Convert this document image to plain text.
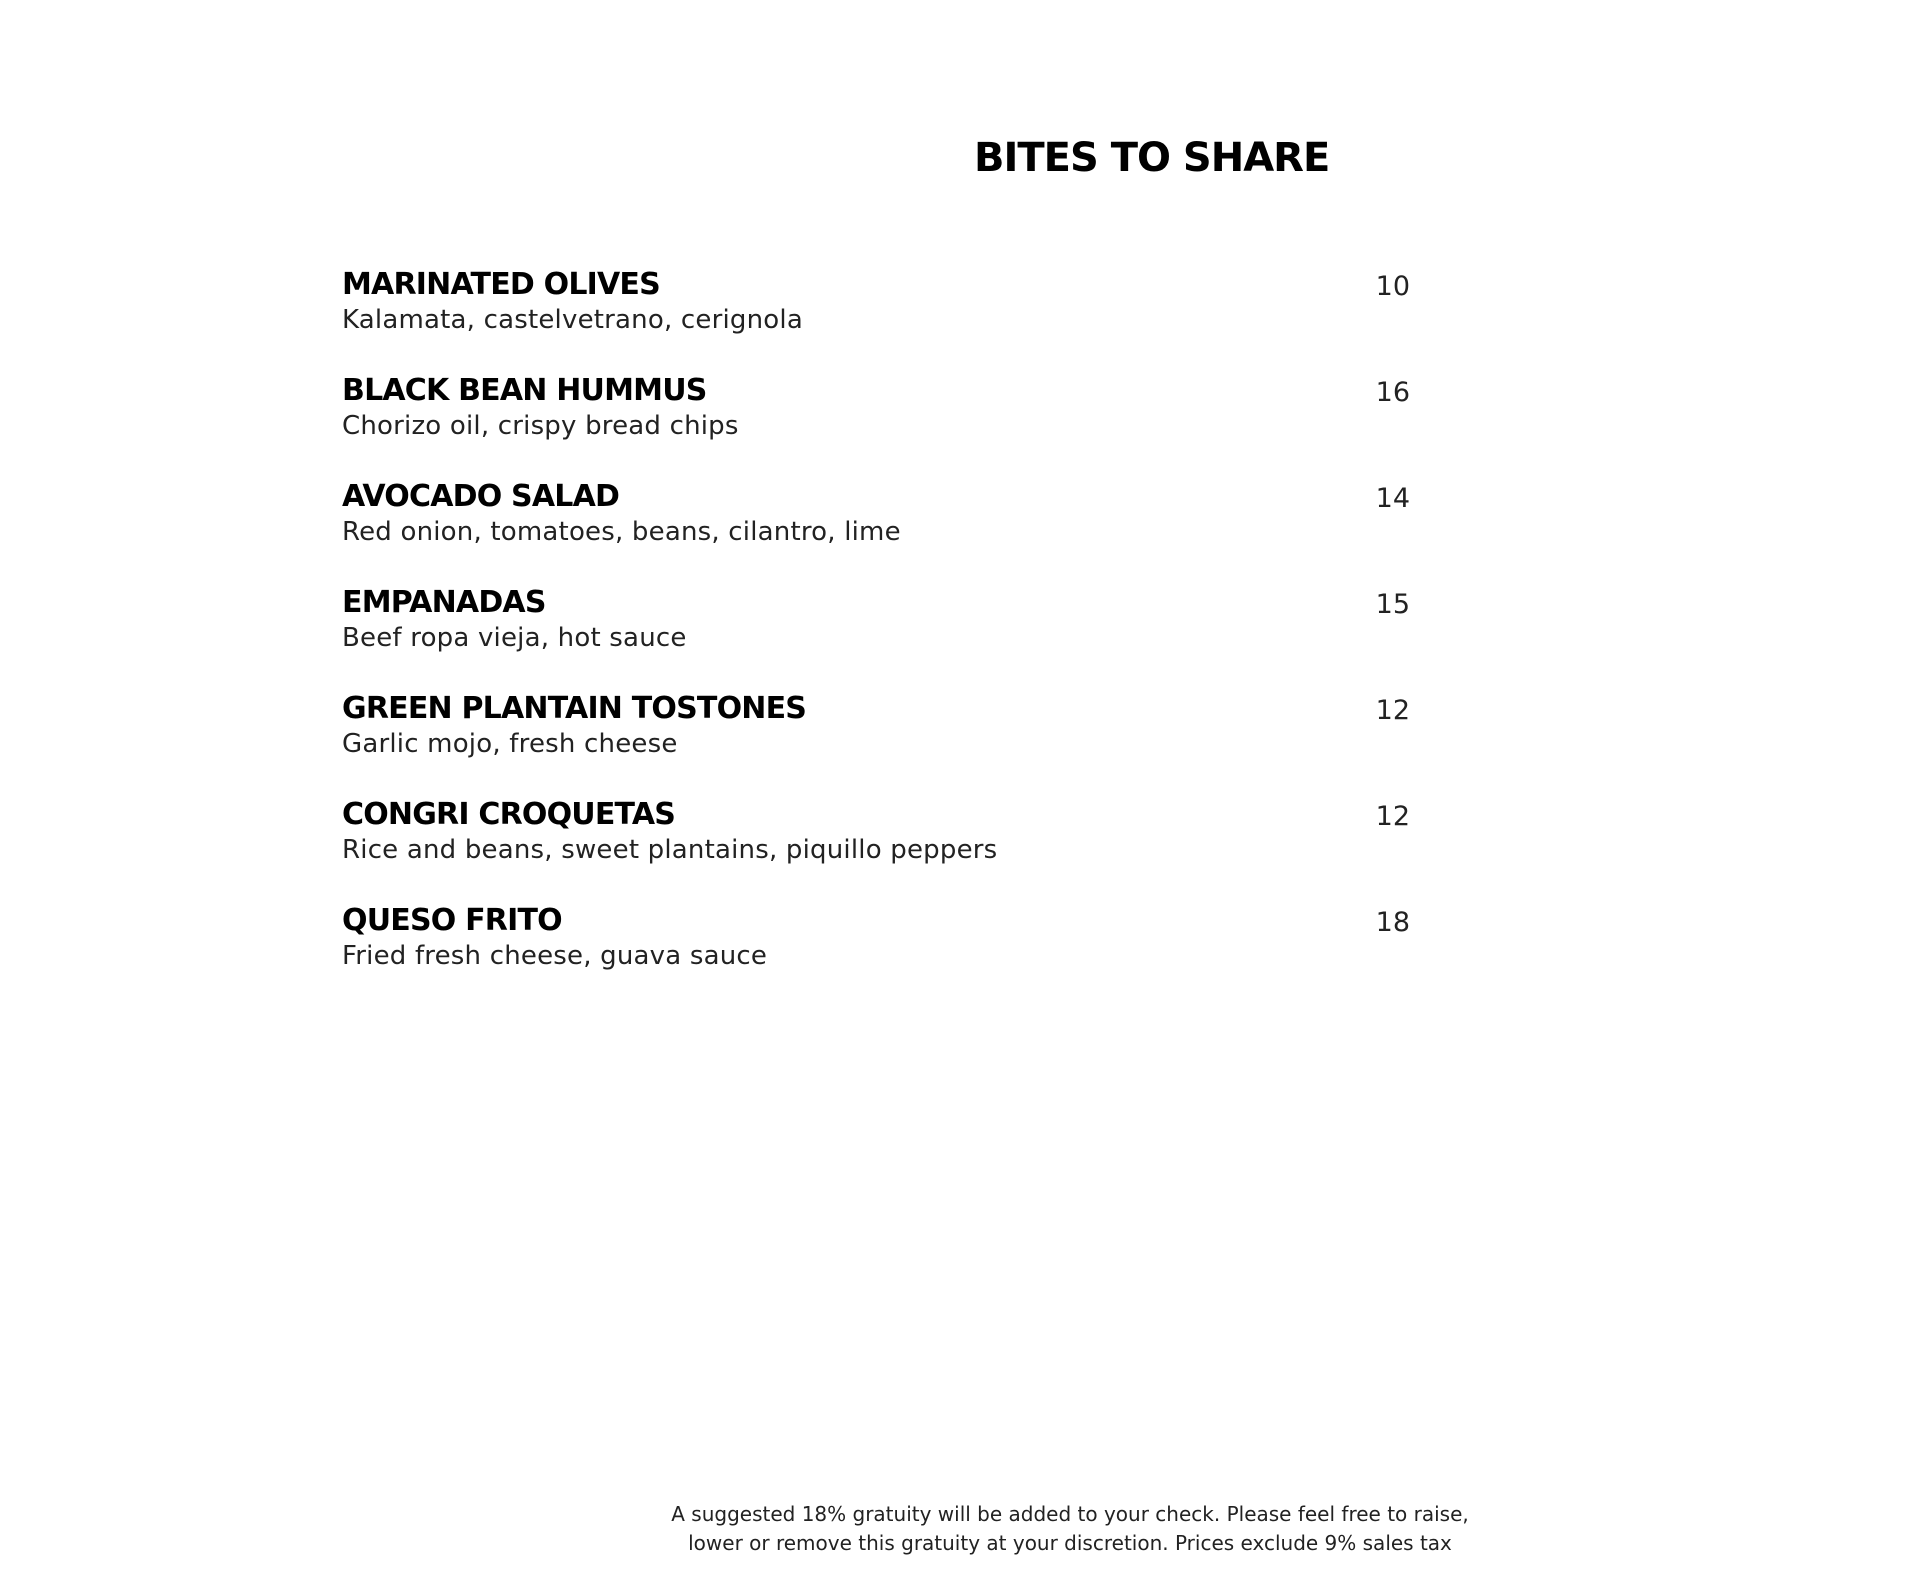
BITES TO SHARE
MARINATED OLIVES
Kalamata, castelvetrano, cerignola
10
BLACK BEAN HUMMUS
Chorizo oil, crispy bread chips
16
AVOCADO SALAD
Red onion, tomatoes, beans, cilantro, lime
14
EMPANADAS
Beef ropa vieja, hot sauce
15
GREEN PLANTAIN TOSTONES
Garlic mojo, fresh cheese
12
CONGRI CROQUETAS
Rice and beans, sweet plantains, piquillo peppers
12
QUESO FRITO
Fried fresh cheese, guava sauce
18

A suggested 18% gratuity will be added to your check. Please feel free to raise,
lower or remove this gratuity at your discretion. Prices exclude 9% sales tax
